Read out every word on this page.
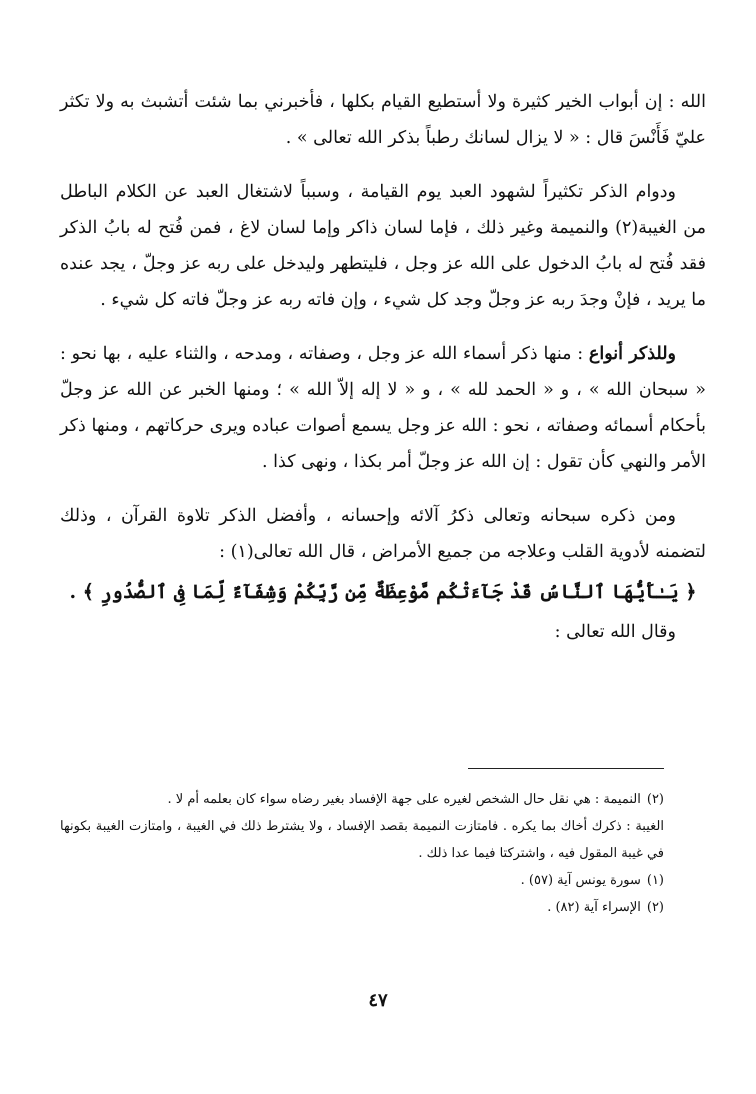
الله : إن أبواب الخير كثيرة ولا أستطيع القيام بكلها ، فأخبرني بما شئت أتشبث به ولا تكثر عليّ فَأَنْسَ قال : « لا يزال لسانك رطباً بذكر الله تعالى » .

ودوام الذكر تكثيراً لشهود العبد يوم القيامة ، وسبباً لاشتغال العبد عن الكلام الباطل من الغيبة(٢) والنميمة وغير ذلك ، فإما لسان ذاكر وإما لسان لاغ ، فمن فُتح له بابُ الذكر فقد فُتح له بابُ الدخول على الله عز وجل ، فليتطهر وليدخل على ربه عز وجلّ ، يجد عنده ما يريد ، فإنْ وجدَ ربه عز وجلّ وجد كل شيء ، وإن فاته ربه عز وجلّ فاته كل شيء .

وللذكر أنواع : منها ذكر أسماء الله عز وجل ، وصفاته ، ومدحه ، والثناء عليه ، بها نحو : « سبحان الله » ، و « الحمد لله » ، و « لا إله إلاّ الله » ؛ ومنها الخبر عن الله عز وجلّ بأحكام أسمائه وصفاته ، نحو : الله عز وجل يسمع أصوات عباده ويرى حركاتهم ، ومنها ذكر الأمر والنهي كأن تقول : إن الله عز وجلّ أمر بكذا ، ونهى كذا .

ومن ذكره سبحانه وتعالى ذكرُ آلائه وإحسانه ، وأفضل الذكر تلاوة القرآن ، وذلك لتضمنه لأدوية القلب وعلاجه من جميع الأمراض ، قال الله تعالى(١) :

﴿ يَـٰأَيُّهَا ٱلنَّاسُ قَدْ جَآءَتْكُم مَّوْعِظَةٌ مِّن رَّبِّكُمْ وَشِفَآءٌ لِّمَا فِى ٱلصُّدُورِ ﴾ .

وقال الله تعالى :

(٢)النميمة : هي نقل حال الشخص لغيره على جهة الإفساد بغير رضاه سواء كان بعلمه أم لا .

الغيبة : ذكرك أخاك بما يكره . فامتازت النميمة بقصد الإفساد ، ولا يشترط ذلك في الغيبة ، وامتازت الغيبة بكونها في غيبة المقول فيه ، واشتركتا فيما عدا ذلك .

(١)سورة يونس آية (٥٧) .

(٢)الإسراء آية (٨٢) .

٤٧
